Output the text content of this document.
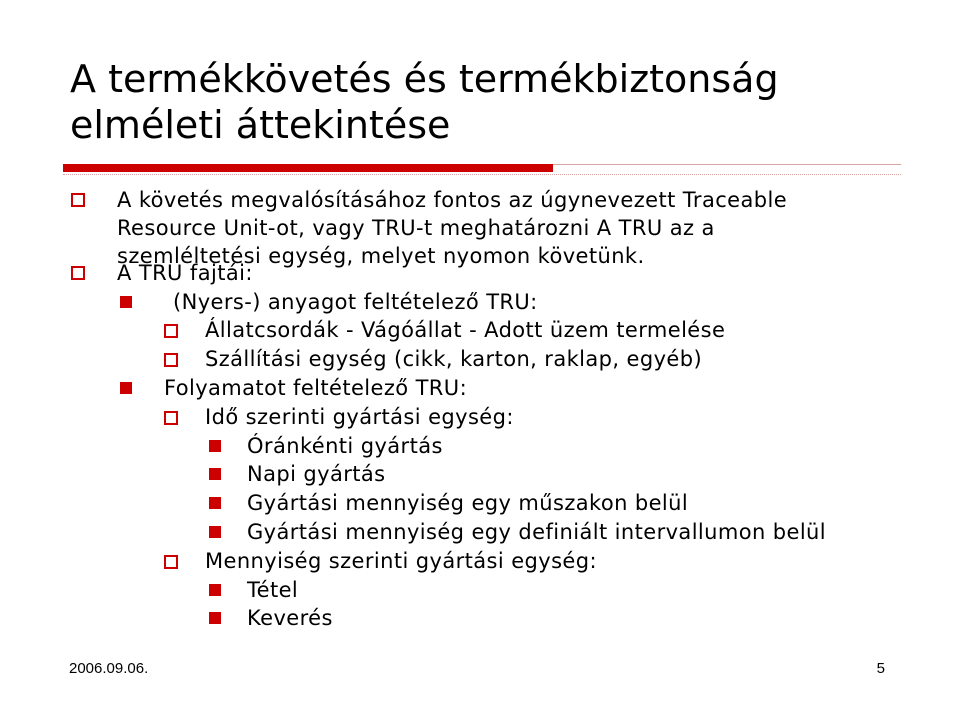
A termékkövetés és termékbiztonság
elméleti áttekintése
A követés megvalósításához fontos az úgynevezett Traceable
Resource Unit-ot, vagy TRU-t meghatározni A TRU az a
szemléltetési egység, melyet nyomon követünk.
A TRU fajtái:
(Nyers-) anyagot feltételező TRU:
Állatcsordák - Vágóállat - Adott üzem termelése
Szállítási egység (cikk, karton, raklap, egyéb)
Folyamatot feltételező TRU:
Idő szerinti gyártási egység:
Óránkénti gyártás
Napi gyártás
Gyártási mennyiség egy műszakon belül
Gyártási mennyiség egy definiált intervallumon belül
Mennyiség szerinti gyártási egység:
Tétel
Keverés
2006.09.06.	5
